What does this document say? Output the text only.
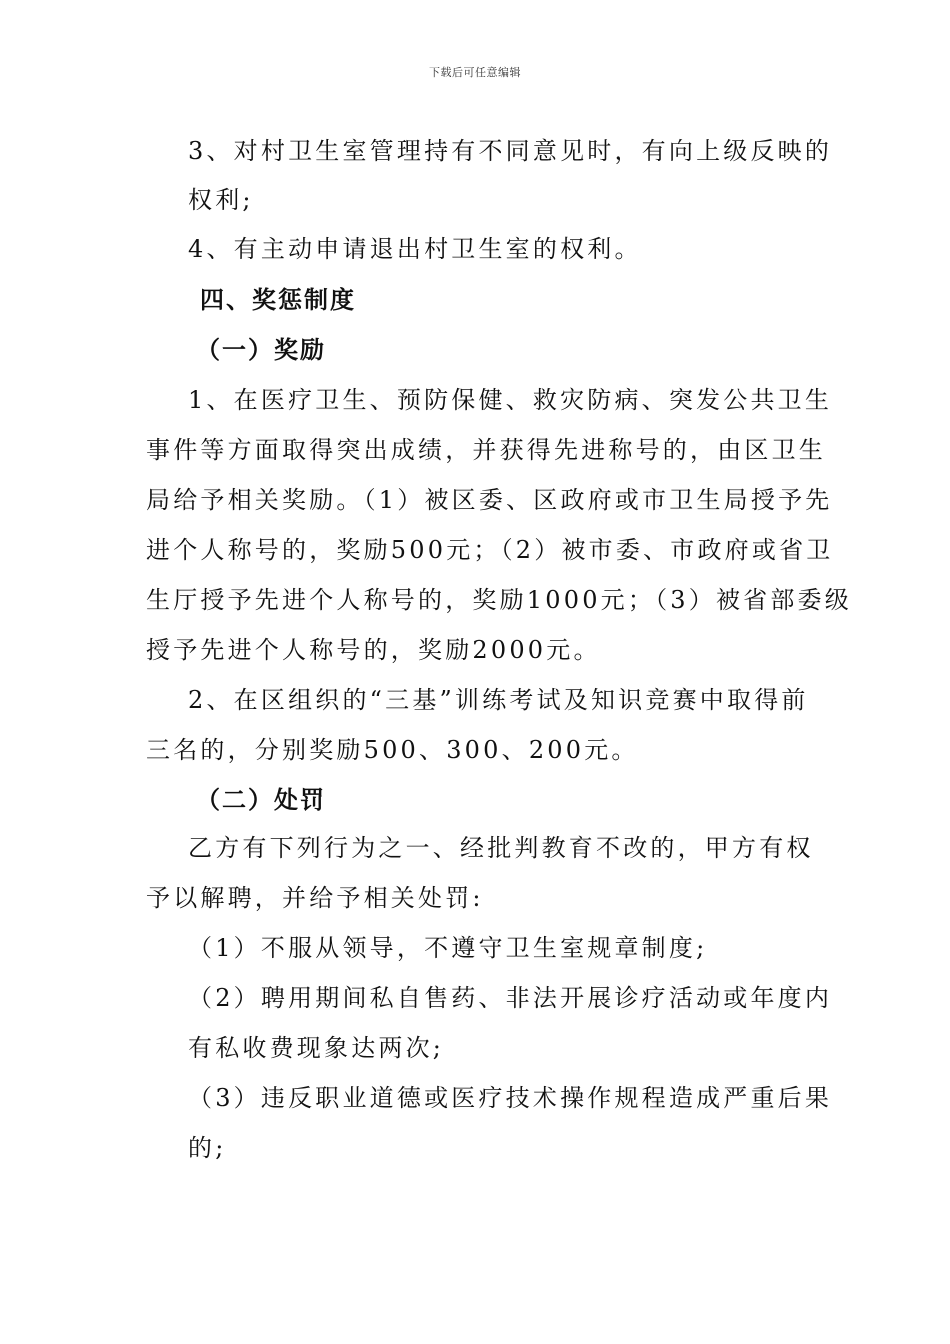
下载后可任意编辑
3、对村卫生室管理持有不同意见时，有向上级反映的
权利;
4、有主动申请退出村卫生室的权利。
四、奖惩制度
（一）奖励
1、在医疗卫生、预防保健、救灾防病、突发公共卫生
事件等方面取得突出成绩，并获得先进称号的，由区卫生
局给予相关奖励。（1）被区委、区政府或市卫生局授予先
进个人称号的，奖励500元；（2）被市委、市政府或省卫
生厅授予先进个人称号的，奖励1000元；（3）被省部委级
授予先进个人称号的，奖励2000元。
2、在区组织的“三基”训练考试及知识竞赛中取得前
三名的，分别奖励500、300、200元。
（二）处罚
乙方有下列行为之一、经批判教育不改的，甲方有权
予以解聘，并给予相关处罚:
（1）不服从领导，不遵守卫生室规章制度;
（2）聘用期间私自售药、非法开展诊疗活动或年度内
有私收费现象达两次;
（3）违反职业道德或医疗技术操作规程造成严重后果
的;
